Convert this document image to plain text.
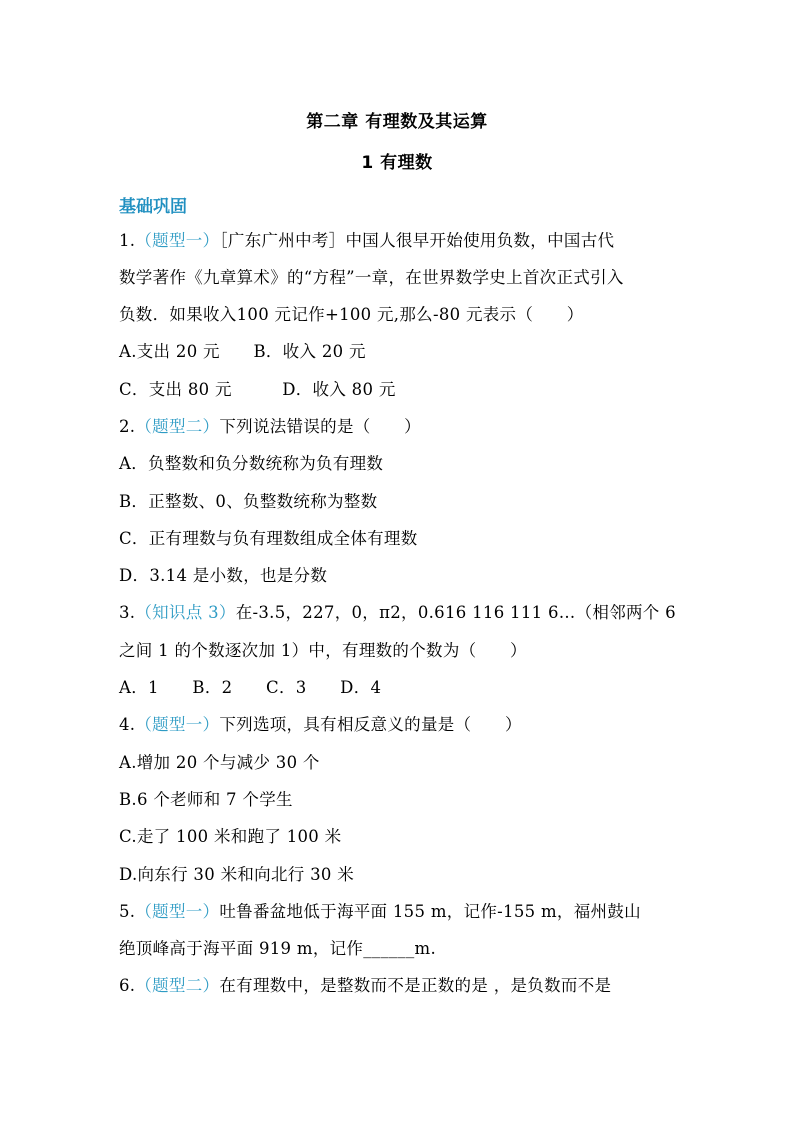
第二章 有理数及其运算
1 有理数
基础巩固
1.（题型一）［广东广州中考］中国人很早开始使用负数，中国古代
数学著作《九章算术》的“方程”一章，在世界数学史上首次正式引入
负数．如果收入100 元记作+100 元,那么-80 元表示（　　）
A.支出 20 元　　B．收入 20 元
C．支出 80 元　　　D．收入 80 元
2.（题型二）下列说法错误的是（　　）
A．负整数和负分数统称为负有理数
B．正整数、0、负整数统称为整数
C．正有理数与负有理数组成全体有理数
D．3.14 是小数，也是分数
3.（知识点 3）在-3.5，227，0，π2，0.616 116 111 6…（相邻两个 6
之间 1 的个数逐次加 1）中，有理数的个数为（　　）
A．1　　B．2　　C．3　　D．4
4.（题型一）下列选项，具有相反意义的量是（　　）
A.增加 20 个与减少 30 个
B.6 个老师和 7 个学生
C.走了 100 米和跑了 100 米
D.向东行 30 米和向北行 30 米
5.（题型一）吐鲁番盆地低于海平面 155 m，记作-155 m，福州鼓山
绝顶峰高于海平面 919 m，记作______m.
6.（题型二）在有理数中，是整数而不是正数的是 ，是负数而不是
